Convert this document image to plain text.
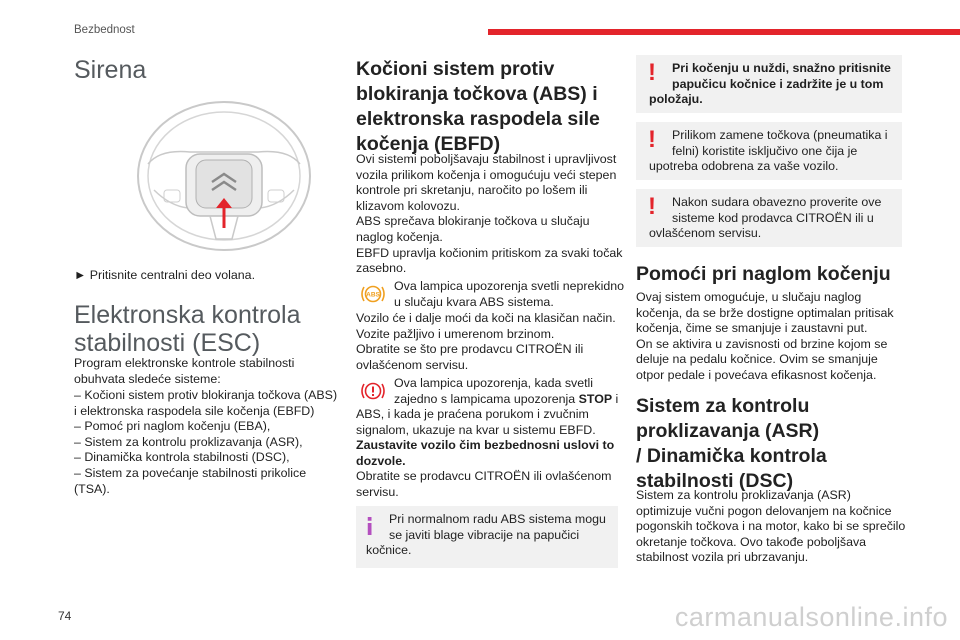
Bezbednost
Sirena
► Pritisnite centralni deo volana.
Elektronska kontrola
stabilnosti (ESC)
Program elektronske kontrole stabilnosti
obuhvata sledeće sisteme:
– Kočioni sistem protiv blokiranja točkova (ABS)
i elektronska raspodela sile kočenja (EBFD)
– Pomoć pri naglom kočenju (EBA),
– Sistem za kontrolu proklizavanja (ASR),
– Dinamička kontrola stabilnosti (DSC),
– Sistem za povećanje stabilnosti prikolice
(TSA).
Kočioni sistem protiv
blokiranja točkova (ABS) i
elektronska raspodela sile
kočenja (EBFD)
Ovi sistemi poboljšavaju stabilnost i upravljivost
vozila prilikom kočenja i omogućuju veći stepen
kontrole pri skretanju, naročito po lošem ili
klizavom kolovozu.
ABS sprečava blokiranje točkova u slučaju
naglog kočenja.
EBFD upravlja kočionim pritiskom za svaki točak
zasebno.
ABS
Ova lampica upozorenja svetli neprekidno
u slučaju kvara ABS sistema.
Vozilo će i dalje moći da koči na klasičan način.
Vozite pažljivo i umerenom brzinom.
Obratite se što pre prodavcu CITROËN ili
ovlašćenom servisu.
Ova lampica upozorenja, kada svetli
zajedno s lampicama upozorenja STOP i
ABS, i kada je praćena porukom i zvučnim
signalom, ukazuje na kvar u sistemu EBFD.
Zaustavite vozilo čim bezbednosni uslovi to
dozvole.
Obratite se prodavcu CITROËN ili ovlašćenom
servisu.
Pri normalnom radu ABS sistema mogu
se javiti blage vibracije na papučici
kočnice.
! Pri kočenju u nuždi, snažno pritisnite
papučicu kočnice i zadržite je u tom
položaju.
! Prilikom zamene točkova (pneumatika i
felni) koristite isključivo one čija je
upotreba odobrena za vaše vozilo.
! Nakon sudara obavezno proverite ove
sisteme kod prodavca CITROËN ili u
ovlašćenom servisu.
Pomoći pri naglom kočenju
Ovaj sistem omogućuje, u slučaju naglog
kočenja, da se brže dostigne optimalan pritisak
kočenja, čime se smanjuje i zaustavni put.
On se aktivira u zavisnosti od brzine kojom se
deluje na pedalu kočnice. Ovim se smanjuje
otpor pedale i povećava efikasnost kočenja.
Sistem za kontrolu
proklizavanja (ASR)
/ Dinamička kontrola
stabilnosti (DSC)
Sistem za kontrolu proklizavanja (ASR)
optimizuje vučni pogon delovanjem na kočnice
pogonskih točkova i na motor, kako bi se sprečilo
okretanje točkova. Ovo takođe poboljšava
stabilnost vozila pri ubrzavanju.
74	carmanualsonline.info
